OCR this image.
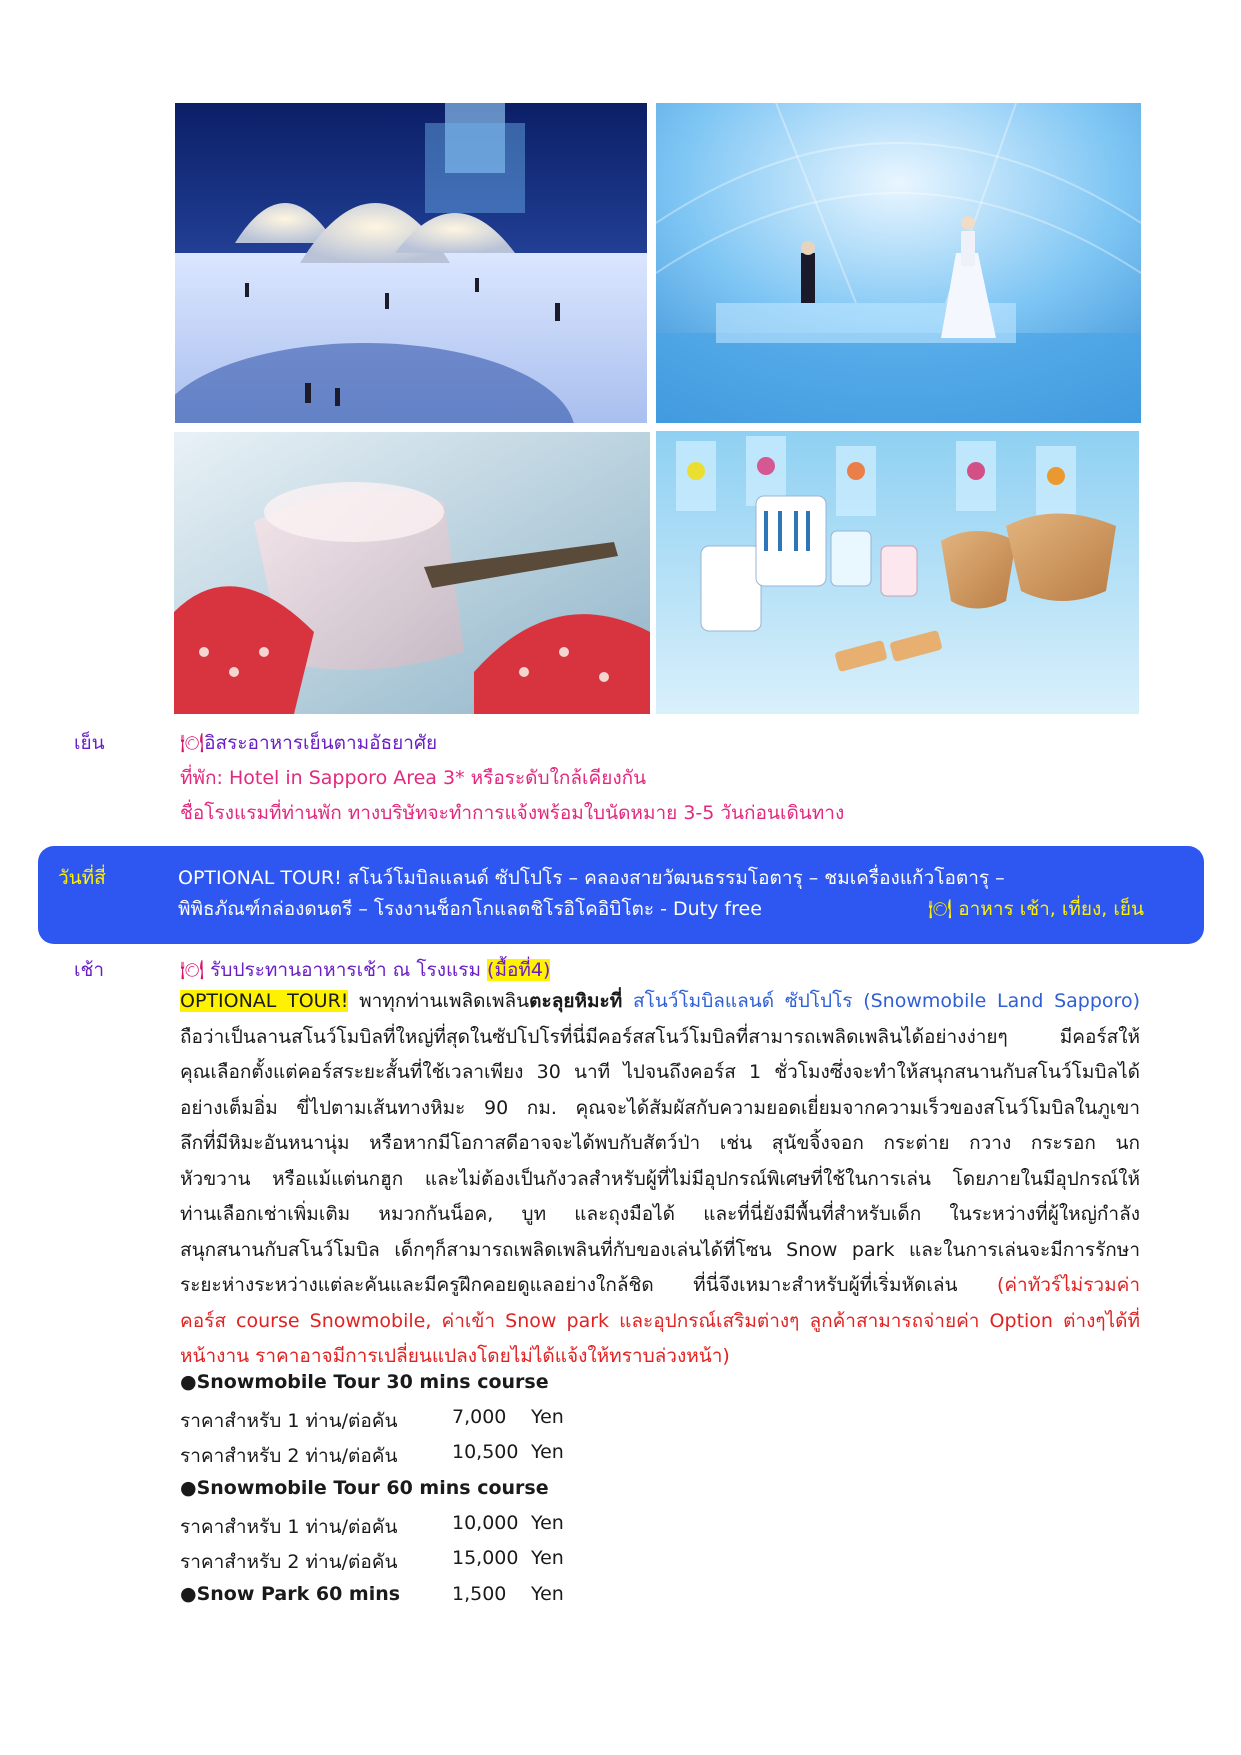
เย็น	🍽อิสระอาหารเย็นตามอัธยาศัย
ที่พัก: Hotel in Sapporo Area 3* หรือระดับใกล้เคียงกัน
ชื่อโรงแรมที่ท่านพัก ทางบริษัทจะทำการแจ้งพร้อมใบนัดหมาย 3-5 วันก่อนเดินทาง
วันที่สี่	OPTIONAL TOUR! สโนว์โมบิลแลนด์ ซัปโปโร – คลองสายวัฒนธรรมโอตารุ – ชมเครื่องแก้วโอตารุ –
พิพิธภัณฑ์กล่องดนตรี – โรงงานช็อกโกแลตชิโรอิโคอิบิโตะ - Duty free	🍽 อาหาร เช้า, เที่ยง, เย็น
เช้า	🍽 รับประทานอาหารเช้า ณ โรงแรม (มื้อที่4)

OPTIONAL TOUR! พาทุกท่านเพลิดเพลินตะลุยหิมะที่ สโนว์โมบิลแลนด์ ซัปโปโร (Snowmobile Land Sapporo)

ถือว่าเป็นลานสโนว์โมบิลที่ใหญ่ที่สุดในซัปโปโรที่นี่มีคอร์สสโนว์โมบิลที่สามารถเพลิดเพลินได้อย่างง่ายๆ มีคอร์สให้

คุณเลือกตั้งแต่คอร์สระยะสั้นที่ใช้เวลาเพียง 30 นาที ไปจนถึงคอร์ส 1 ชั่วโมงซึ่งจะทำให้สนุกสนานกับสโนว์โมบิลได้

อย่างเต็มอิ่ม ขี่ไปตามเส้นทางหิมะ 90 กม. คุณจะได้สัมผัสกับความยอดเยี่ยมจากความเร็วของสโนว์โมบิลในภูเขา

ลึกที่มีหิมะอันหนานุ่ม หรือหากมีโอกาสดีอาจจะได้พบกับสัตว์ป่า เช่น สุนัขจิ้งจอก กระต่าย กวาง กระรอก นก

หัวขวาน หรือแม้แต่นกฮูก และไม่ต้องเป็นกังวลสำหรับผู้ที่ไม่มีอุปกรณ์พิเศษที่ใช้ในการเล่น โดยภายในมีอุปกรณ์ให้

ท่านเลือกเช่าเพิ่มเติม หมวกกันน็อค, บูท และถุงมือได้ และที่นี่ยังมีพื้นที่สำหรับเด็ก ในระหว่างที่ผู้ใหญ่กำลัง

สนุกสนานกับสโนว์โมบิล เด็กๆก็สามารถเพลิดเพลินที่กับของเล่นได้ที่โซน Snow park และในการเล่นจะมีการรักษา

ระยะห่างระหว่างแต่ละคันและมีครูฝึกคอยดูแลอย่างใกล้ชิด ที่นี่จึงเหมาะสำหรับผู้ที่เริ่มหัดเล่น (ค่าทัวร์ไม่รวมค่า

คอร์ส course Snowmobile, ค่าเข้า Snow park และอุปกรณ์เสริมต่างๆ ลูกค้าสามารถจ่ายค่า Option ต่างๆได้ที่

หน้างาน ราคาอาจมีการเปลี่ยนแปลงโดยไม่ได้แจ้งให้ทราบล่วงหน้า)

●Snowmobile Tour 30 mins course
ราคาสำหรับ 1 ท่าน/ต่อคัน	7,000 Yen
ราคาสำหรับ 2 ท่าน/ต่อคัน	10,500 Yen
●Snowmobile Tour 60 mins course
ราคาสำหรับ 1 ท่าน/ต่อคัน	10,000 Yen
ราคาสำหรับ 2 ท่าน/ต่อคัน	15,000 Yen
●Snow Park 60 mins	1,500 Yen
